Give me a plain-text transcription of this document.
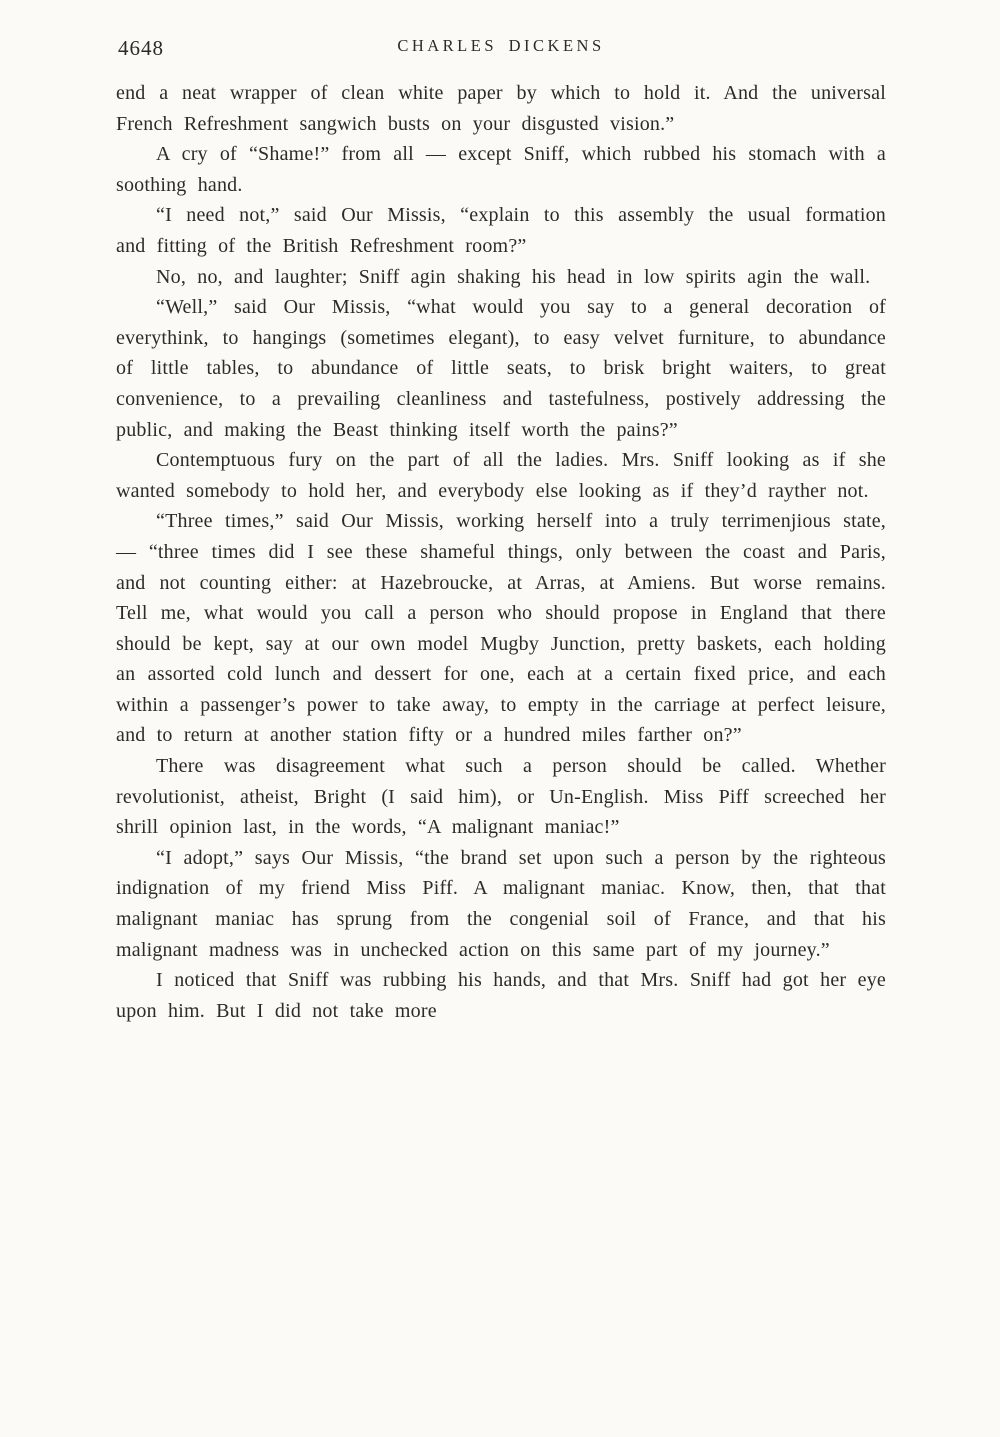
4648	CHARLES DICKENS

end a neat wrapper of clean white paper by which to hold it. And the universal French Refreshment sangwich busts on your disgusted vision.”

A cry of “Shame!” from all — except Sniff, which rubbed his stomach with a soothing hand.

“I need not,” said Our Missis, “explain to this assembly the usual formation and fitting of the British Refreshment room?”

No, no, and laughter; Sniff agin shaking his head in low spirits agin the wall.

“Well,” said Our Missis, “what would you say to a general decoration of everythink, to hangings (sometimes elegant), to easy velvet furniture, to abundance of little tables, to abundance of little seats, to brisk bright waiters, to great convenience, to a prevailing cleanliness and tastefulness, postively addressing the public, and making the Beast thinking itself worth the pains?”

Contemptuous fury on the part of all the ladies. Mrs. Sniff looking as if she wanted somebody to hold her, and everybody else looking as if they’d rayther not.

“Three times,” said Our Missis, working herself into a truly terrimenjious state, — “three times did I see these shameful things, only between the coast and Paris, and not counting either: at Hazebroucke, at Arras, at Amiens. But worse remains. Tell me, what would you call a person who should propose in England that there should be kept, say at our own model Mugby Junction, pretty baskets, each holding an assorted cold lunch and dessert for one, each at a certain fixed price, and each within a passenger’s power to take away, to empty in the carriage at perfect leisure, and to return at another station fifty or a hundred miles farther on?”

There was disagreement what such a person should be called. Whether revolutionist, atheist, Bright (I said him), or Un-English. Miss Piff screeched her shrill opinion last, in the words, “A malignant maniac!”

“I adopt,” says Our Missis, “the brand set upon such a person by the righteous indignation of my friend Miss Piff. A malignant maniac. Know, then, that that malignant maniac has sprung from the congenial soil of France, and that his malignant madness was in unchecked action on this same part of my journey.”

I noticed that Sniff was rubbing his hands, and that Mrs. Sniff had got her eye upon him. But I did not take more
